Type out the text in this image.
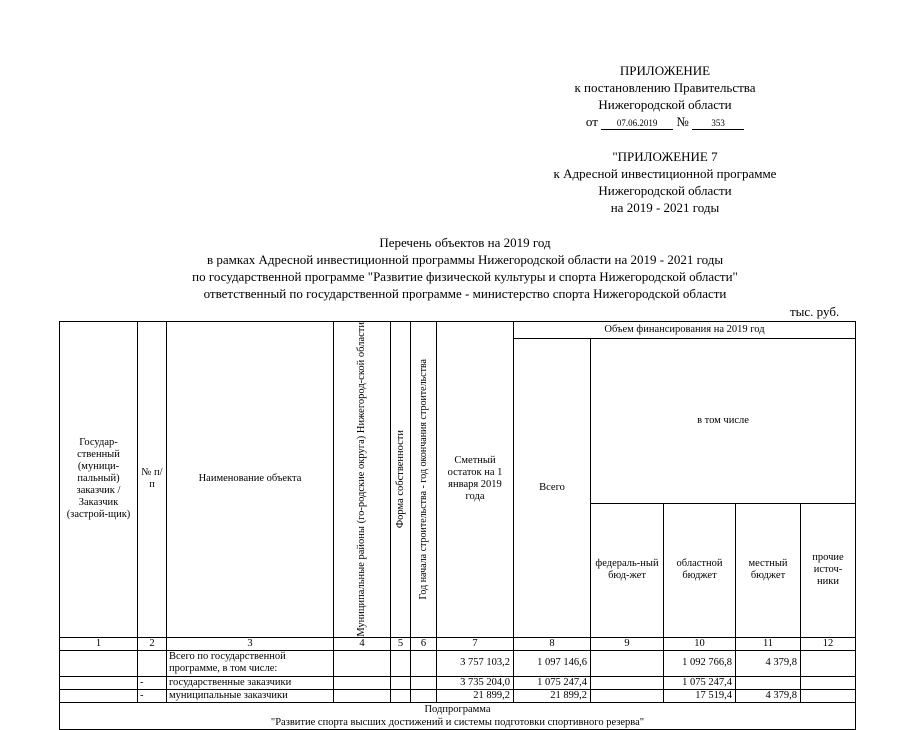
ПРИЛОЖЕНИЕ
к постановлению Правительства
Нижегородской области
от 07.06.2019 №	353
"ПРИЛОЖЕНИЕ 7
к Адресной инвестиционной программе
Нижегородской области
на 2019 - 2021 годы
Перечень объектов на 2019 год
в рамках Адресной инвестиционной программы Нижегородской области на 2019 - 2021 годы
по государственной программе "Развитие физической культуры и спорта Нижегородской области"
ответственный по государственной программе - министерство спорта Нижегородской области
тыс. руб.
Государ-ственный (муници-пальный) заказчик / Заказчик (застрой-щик)	№ п/п	Наименование объекта	Муниципальные районы (го-родские округа) Нижегород-ской области	Форма собственности	Год начала строительства - год окончания строительства	Сметный остаток на 1 января 2019 года	Объем финансирования на 2019 год				
							Всего	в том числе			
								федераль-ный бюд-жет	областной бюджет	местный бюджет	прочие источ-ники
1	2	3	4	5	6	7	8	9	10	11	12
		Всего по государственной программе, в том числе:				3 757 103,2	1 097 146,6		1 092 766,8	4 379,8	
	-	государственные заказчики				3 735 204,0	1 075 247,4		1 075 247,4		
	-	муниципальные заказчики				21 899,2	21 899,2		17 519,4	4 379,8	

Подпрограмма
"Развитие спорта высших достижений и системы подготовки спортивного резерва"											
